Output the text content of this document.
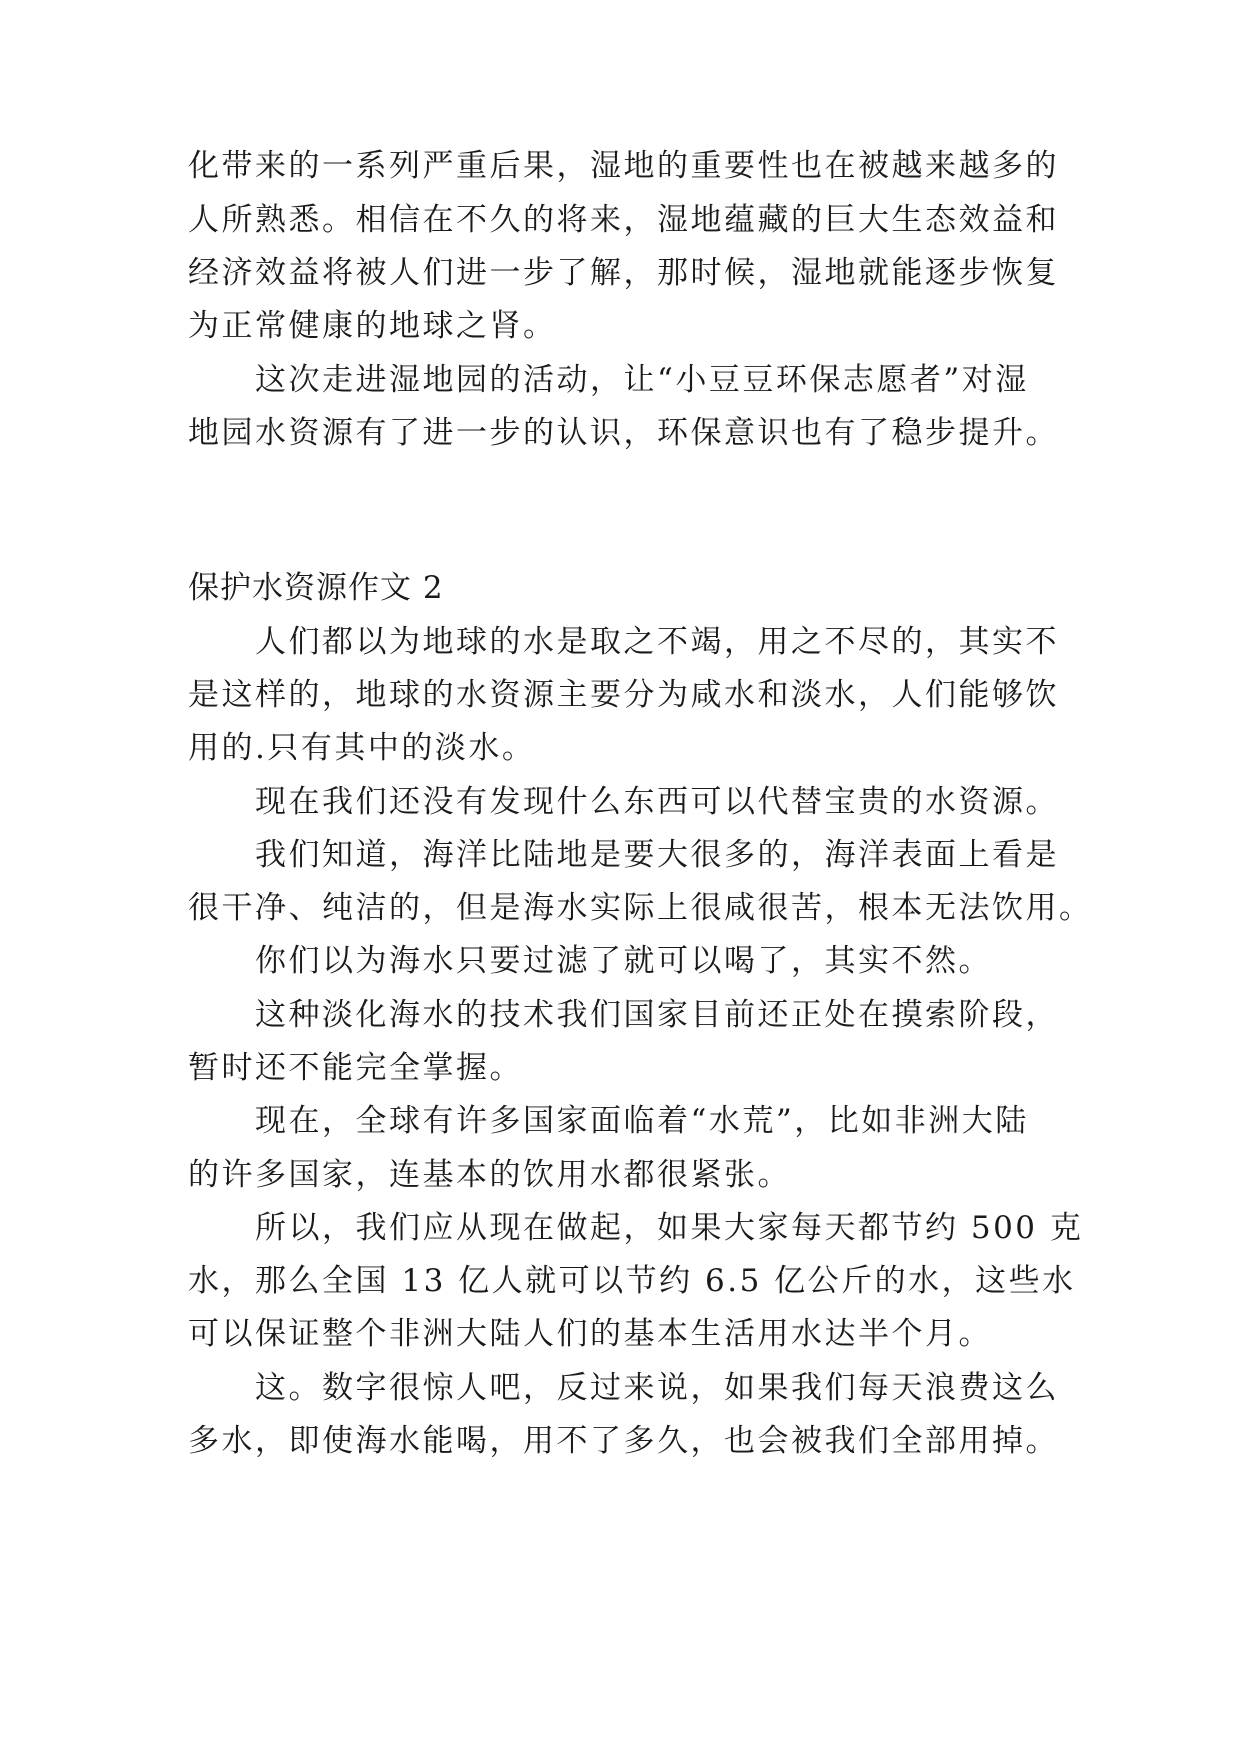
化带来的一系列严重后果，湿地的重要性也在被越来越多的

人所熟悉。相信在不久的将来，湿地蕴藏的巨大生态效益和

经济效益将被人们进一步了解，那时候，湿地就能逐步恢复

为正常健康的地球之肾。

这次走进湿地园的活动，让“小豆豆环保志愿者”对湿

地园水资源有了进一步的认识，环保意识也有了稳步提升。

保护水资源作文 2

人们都以为地球的水是取之不竭，用之不尽的，其实不

是这样的，地球的水资源主要分为咸水和淡水，人们能够饮

用的.只有其中的淡水。

现在我们还没有发现什么东西可以代替宝贵的水资源。

我们知道，海洋比陆地是要大很多的，海洋表面上看是

很干净、纯洁的，但是海水实际上很咸很苦，根本无法饮用。

你们以为海水只要过滤了就可以喝了，其实不然。

这种淡化海水的技术我们国家目前还正处在摸索阶段，

暂时还不能完全掌握。

现在，全球有许多国家面临着“水荒”，比如非洲大陆

的许多国家，连基本的饮用水都很紧张。

所以，我们应从现在做起，如果大家每天都节约 500 克

水，那么全国 13 亿人就可以节约 6.5 亿公斤的水，这些水

可以保证整个非洲大陆人们的基本生活用水达半个月。

这。数字很惊人吧，反过来说，如果我们每天浪费这么

多水，即使海水能喝，用不了多久，也会被我们全部用掉。
